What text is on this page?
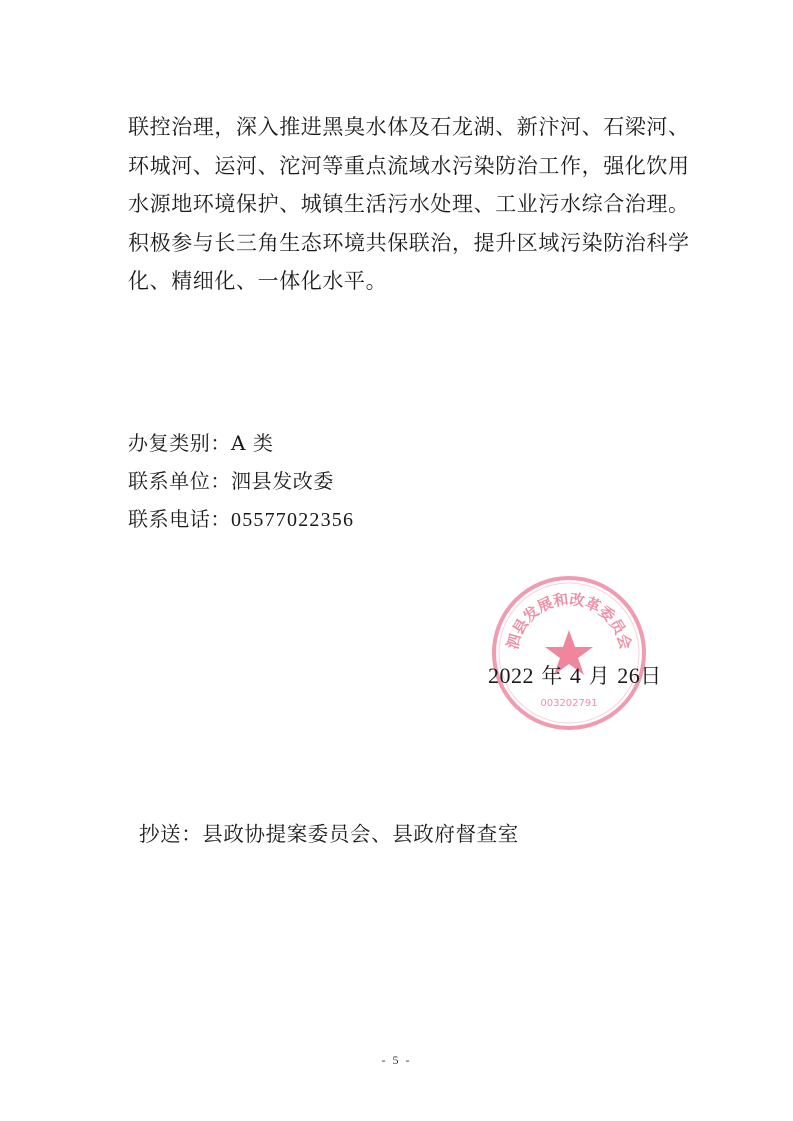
联控治理，深入推进黑臭水体及石龙湖、新汴河、石梁河、
环城河、运河、沱河等重点流域水污染防治工作，强化饮用
水源地环境保护、城镇生活污水处理、工业污水综合治理。
积极参与长三角生态环境共保联治，提升区域污染防治科学
化、精细化、一体化水平。
办复类别：A 类
联系单位：泗县发改委
联系电话：05577022356
泗县发展和改革委员会
003202791
2022 年 4 月 26日
抄送：县政协提案委员会、县政府督查室
- 5 -
